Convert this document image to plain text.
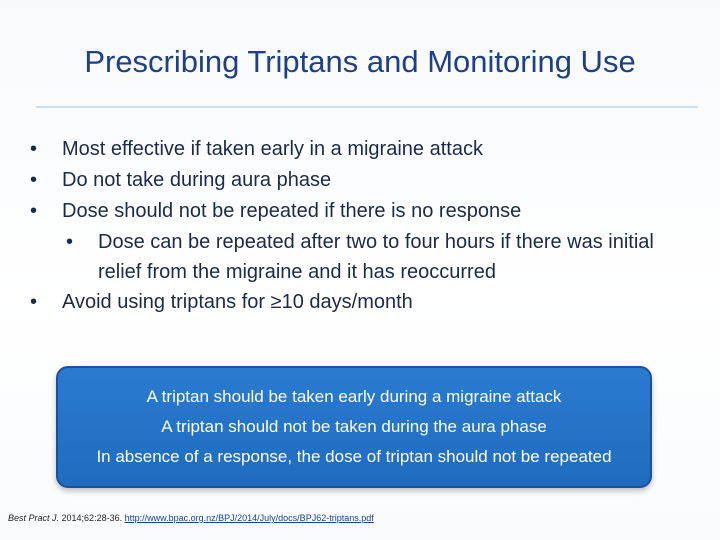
Prescribing Triptans and Monitoring Use
•	Most effective if taken early in a migraine attack
•	Do not take during aura phase
•	Dose should not be repeated if there is no response
•	Dose can be repeated after two to four hours if there was initial relief from the migraine and it has reoccurred
•	Avoid using triptans for ≥10 days/month
A triptan should be taken early during a migraine attack
A triptan should not be taken during the aura phase
In absence of a response, the dose of triptan should not be repeated
Best Pract J. 2014;62:28-36. http://www.bpac.org.nz/BPJ/2014/July/docs/BPJ62-triptans.pdf
